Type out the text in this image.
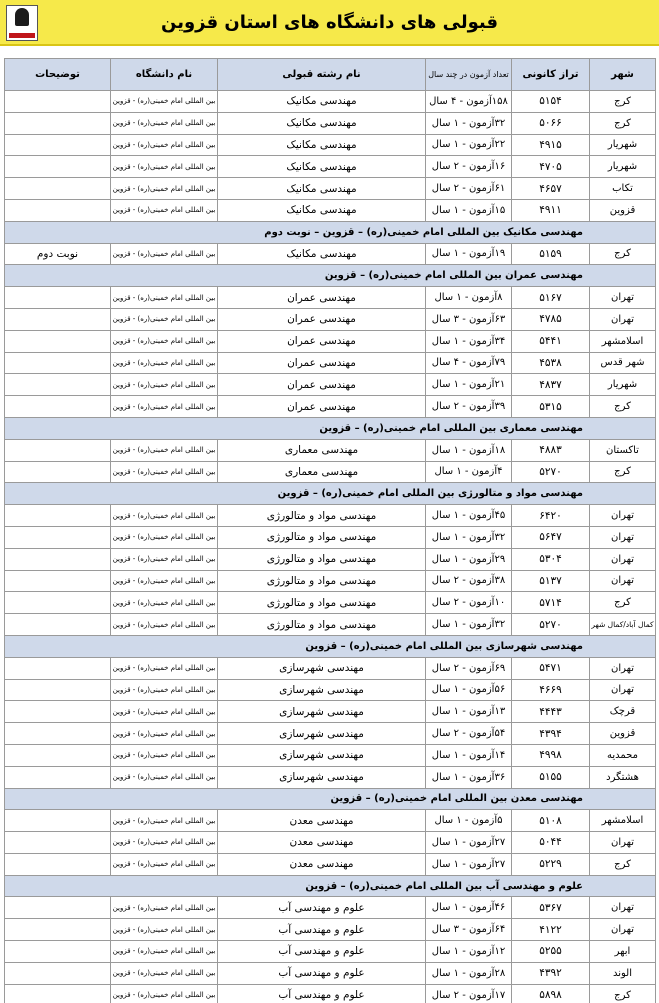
قبولی های دانشگاه های استان قزوین
شهر	تراز کانونی	تعداد آزمون در چند سال	نام رشته قبولی	نام دانشگاه	توضیحات
کرج	۵۱۵۴	۱۵۸آزمون - ۴ سال	مهندسی مکانیک	بین المللی امام خمینی(ره) - قزوین	
کرج	۵۰۶۶	۳۲آزمون - ۱ سال	مهندسی مکانیک	بین المللی امام خمینی(ره) - قزوین	
شهریار	۴۹۱۵	۲۲آزمون - ۱ سال	مهندسی مکانیک	بین المللی امام خمینی(ره) - قزوین	
شهریار	۴۷۰۵	۱۶آزمون - ۲ سال	مهندسی مکانیک	بین المللی امام خمینی(ره) - قزوین	
تکاب	۴۶۵۷	۶۱آزمون - ۲ سال	مهندسی مکانیک	بین المللی امام خمینی(ره) - قزوین	
قزوین	۴۹۱۱	۱۵آزمون - ۱ سال	مهندسی مکانیک	بین المللی امام خمینی(ره) - قزوین	
مهندسی مکانیک بین المللی امام خمینی(ره) – قزوین – نوبت دوم					
کرج	۵۱۵۹	۱۹آزمون - ۱ سال	مهندسی مکانیک	بین المللی امام خمینی(ره) - قزوین	نوبت دوم
مهندسی عمران بین المللی امام خمینی(ره) – قزوین					
تهران	۵۱۶۷	۸آزمون - ۱ سال	مهندسی عمران	بین المللی امام خمینی(ره) - قزوین	
تهران	۴۷۸۵	۶۳آزمون - ۳ سال	مهندسی عمران	بین المللی امام خمینی(ره) - قزوین	
اسلامشهر	۵۴۴۱	۳۴آزمون - ۱ سال	مهندسی عمران	بین المللی امام خمینی(ره) - قزوین	
شهر قدس	۴۵۳۸	۷۹آزمون - ۴ سال	مهندسی عمران	بین المللی امام خمینی(ره) - قزوین	
شهریار	۴۸۳۷	۲۱آزمون - ۱ سال	مهندسی عمران	بین المللی امام خمینی(ره) - قزوین	
کرج	۵۳۱۵	۳۹آزمون - ۲ سال	مهندسی عمران	بین المللی امام خمینی(ره) - قزوین	
مهندسی معماری بین المللی امام خمینی(ره) – قزوین					
تاکستان	۴۸۸۳	۱۸آزمون - ۱ سال	مهندسی معماری	بین المللی امام خمینی(ره) - قزوین	
کرج	۵۲۷۰	۴آزمون - ۱ سال	مهندسی معماری	بین المللی امام خمینی(ره) - قزوین	
مهندسی مواد و متالورژی بین المللی امام خمینی(ره) – قزوین					
تهران	۶۴۲۰	۴۵آزمون - ۱ سال	مهندسی مواد و متالورژی	بین المللی امام خمینی(ره) - قزوین	
تهران	۵۶۴۷	۳۲آزمون - ۱ سال	مهندسی مواد و متالورژی	بین المللی امام خمینی(ره) - قزوین	
تهران	۵۳۰۴	۲۹آزمون - ۱ سال	مهندسی مواد و متالورژی	بین المللی امام خمینی(ره) - قزوین	
تهران	۵۱۳۷	۳۸آزمون - ۲ سال	مهندسی مواد و متالورژی	بین المللی امام خمینی(ره) - قزوین	
کرج	۵۷۱۴	۱۰آزمون - ۲ سال	مهندسی مواد و متالورژی	بین المللی امام خمینی(ره) - قزوین	
کمال آباد/کمال شهر	۵۲۷۰	۳۲آزمون - ۱ سال	مهندسی مواد و متالورژی	بین المللی امام خمینی(ره) - قزوین	
مهندسی شهرسازی بین المللی امام خمینی(ره) – قزوین					
تهران	۵۴۷۱	۶۹آزمون - ۲ سال	مهندسی شهرسازی	بین المللی امام خمینی(ره) - قزوین	
تهران	۴۶۶۹	۵۶آزمون - ۱ سال	مهندسی شهرسازی	بین المللی امام خمینی(ره) - قزوین	
قرچک	۴۴۴۳	۱۳آزمون - ۱ سال	مهندسی شهرسازی	بین المللی امام خمینی(ره) - قزوین	
قزوین	۴۳۹۴	۵۴آزمون - ۲ سال	مهندسی شهرسازی	بین المللی امام خمینی(ره) - قزوین	
محمدیه	۴۹۹۸	۱۴آزمون - ۱ سال	مهندسی شهرسازی	بین المللی امام خمینی(ره) - قزوین	
هشتگرد	۵۱۵۵	۳۶آزمون - ۱ سال	مهندسی شهرسازی	بین المللی امام خمینی(ره) - قزوین	
مهندسی معدن بین المللی امام خمینی(ره) – قزوین					
اسلامشهر	۵۱۰۸	۵آزمون - ۱ سال	مهندسی معدن	بین المللی امام خمینی(ره) - قزوین	
تهران	۵۰۴۴	۲۷آزمون - ۱ سال	مهندسی معدن	بین المللی امام خمینی(ره) - قزوین	
کرج	۵۲۲۹	۲۷آزمون - ۱ سال	مهندسی معدن	بین المللی امام خمینی(ره) - قزوین	
علوم و مهندسی آب بین المللی امام خمینی(ره) – قزوین					
تهران	۵۳۶۷	۴۶آزمون - ۱ سال	علوم و مهندسی آب	بین المللی امام خمینی(ره) - قزوین	
تهران	۴۱۲۲	۶۴آزمون - ۳ سال	علوم و مهندسی آب	بین المللی امام خمینی(ره) - قزوین	
ابهر	۵۲۵۵	۱۲آزمون - ۱ سال	علوم و مهندسی آب	بین المللی امام خمینی(ره) - قزوین	
الوند	۴۳۹۲	۲۸آزمون - ۱ سال	علوم و مهندسی آب	بین المللی امام خمینی(ره) - قزوین	
کرج	۵۸۹۸	۱۷آزمون - ۲ سال	علوم و مهندسی آب	بین المللی امام خمینی(ره) - قزوین	
